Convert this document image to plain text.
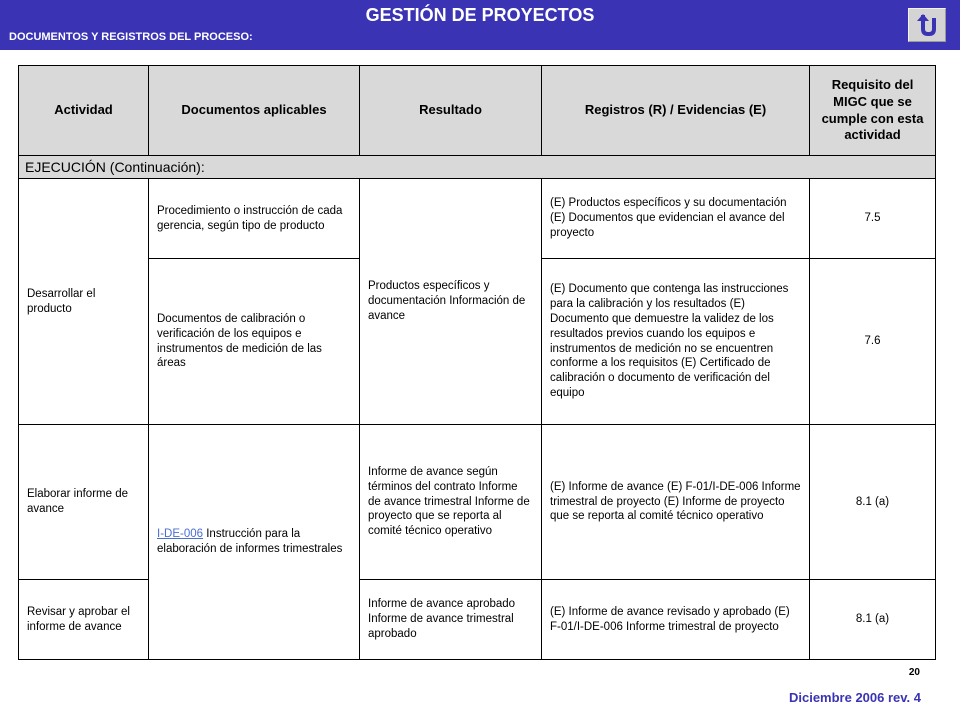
GESTIÓN DE PROYECTOS
DOCUMENTOS Y REGISTROS DEL PROCESO:
Actividad	Documentos aplicables	Resultado	Registros (R) / Evidencias (E)	Requisito del MIGC que se cumple con esta actividad
EJECUCIÓN (Continuación):				
Desarrollar el producto	Procedimiento o instrucción de cada gerencia, según tipo de producto	Productos específicos y documentación Información de avance	(E) Productos específicos y su documentación (E) Documentos que evidencian el avance del proyecto	7.5
	Documentos de calibración o verificación de los equipos e instrumentos de medición de las áreas		(E) Documento que contenga las instrucciones para la calibración y los resultados (E) Documento que demuestre la validez de los resultados previos cuando los equipos e instrumentos de medición no se encuentren conforme a los requisitos (E) Certificado de calibración o documento de verificación del equipo	7.6
Elaborar informe de avance	I-DE-006 Instrucción para la elaboración de informes trimestrales	Informe de avance según términos del contrato Informe de avance trimestral Informe de proyecto que se reporta al comité técnico operativo	(E) Informe de avance (E) F-01/I-DE-006 Informe trimestral de proyecto (E) Informe de proyecto que se reporta al comité técnico operativo	8.1 (a)
Revisar y aprobar el informe de avance		Informe de avance aprobado Informe de avance trimestral aprobado	(E) Informe de avance revisado y aprobado (E) F-01/I-DE-006 Informe trimestral de proyecto	8.1 (a)
20
Diciembre 2006 rev. 4
